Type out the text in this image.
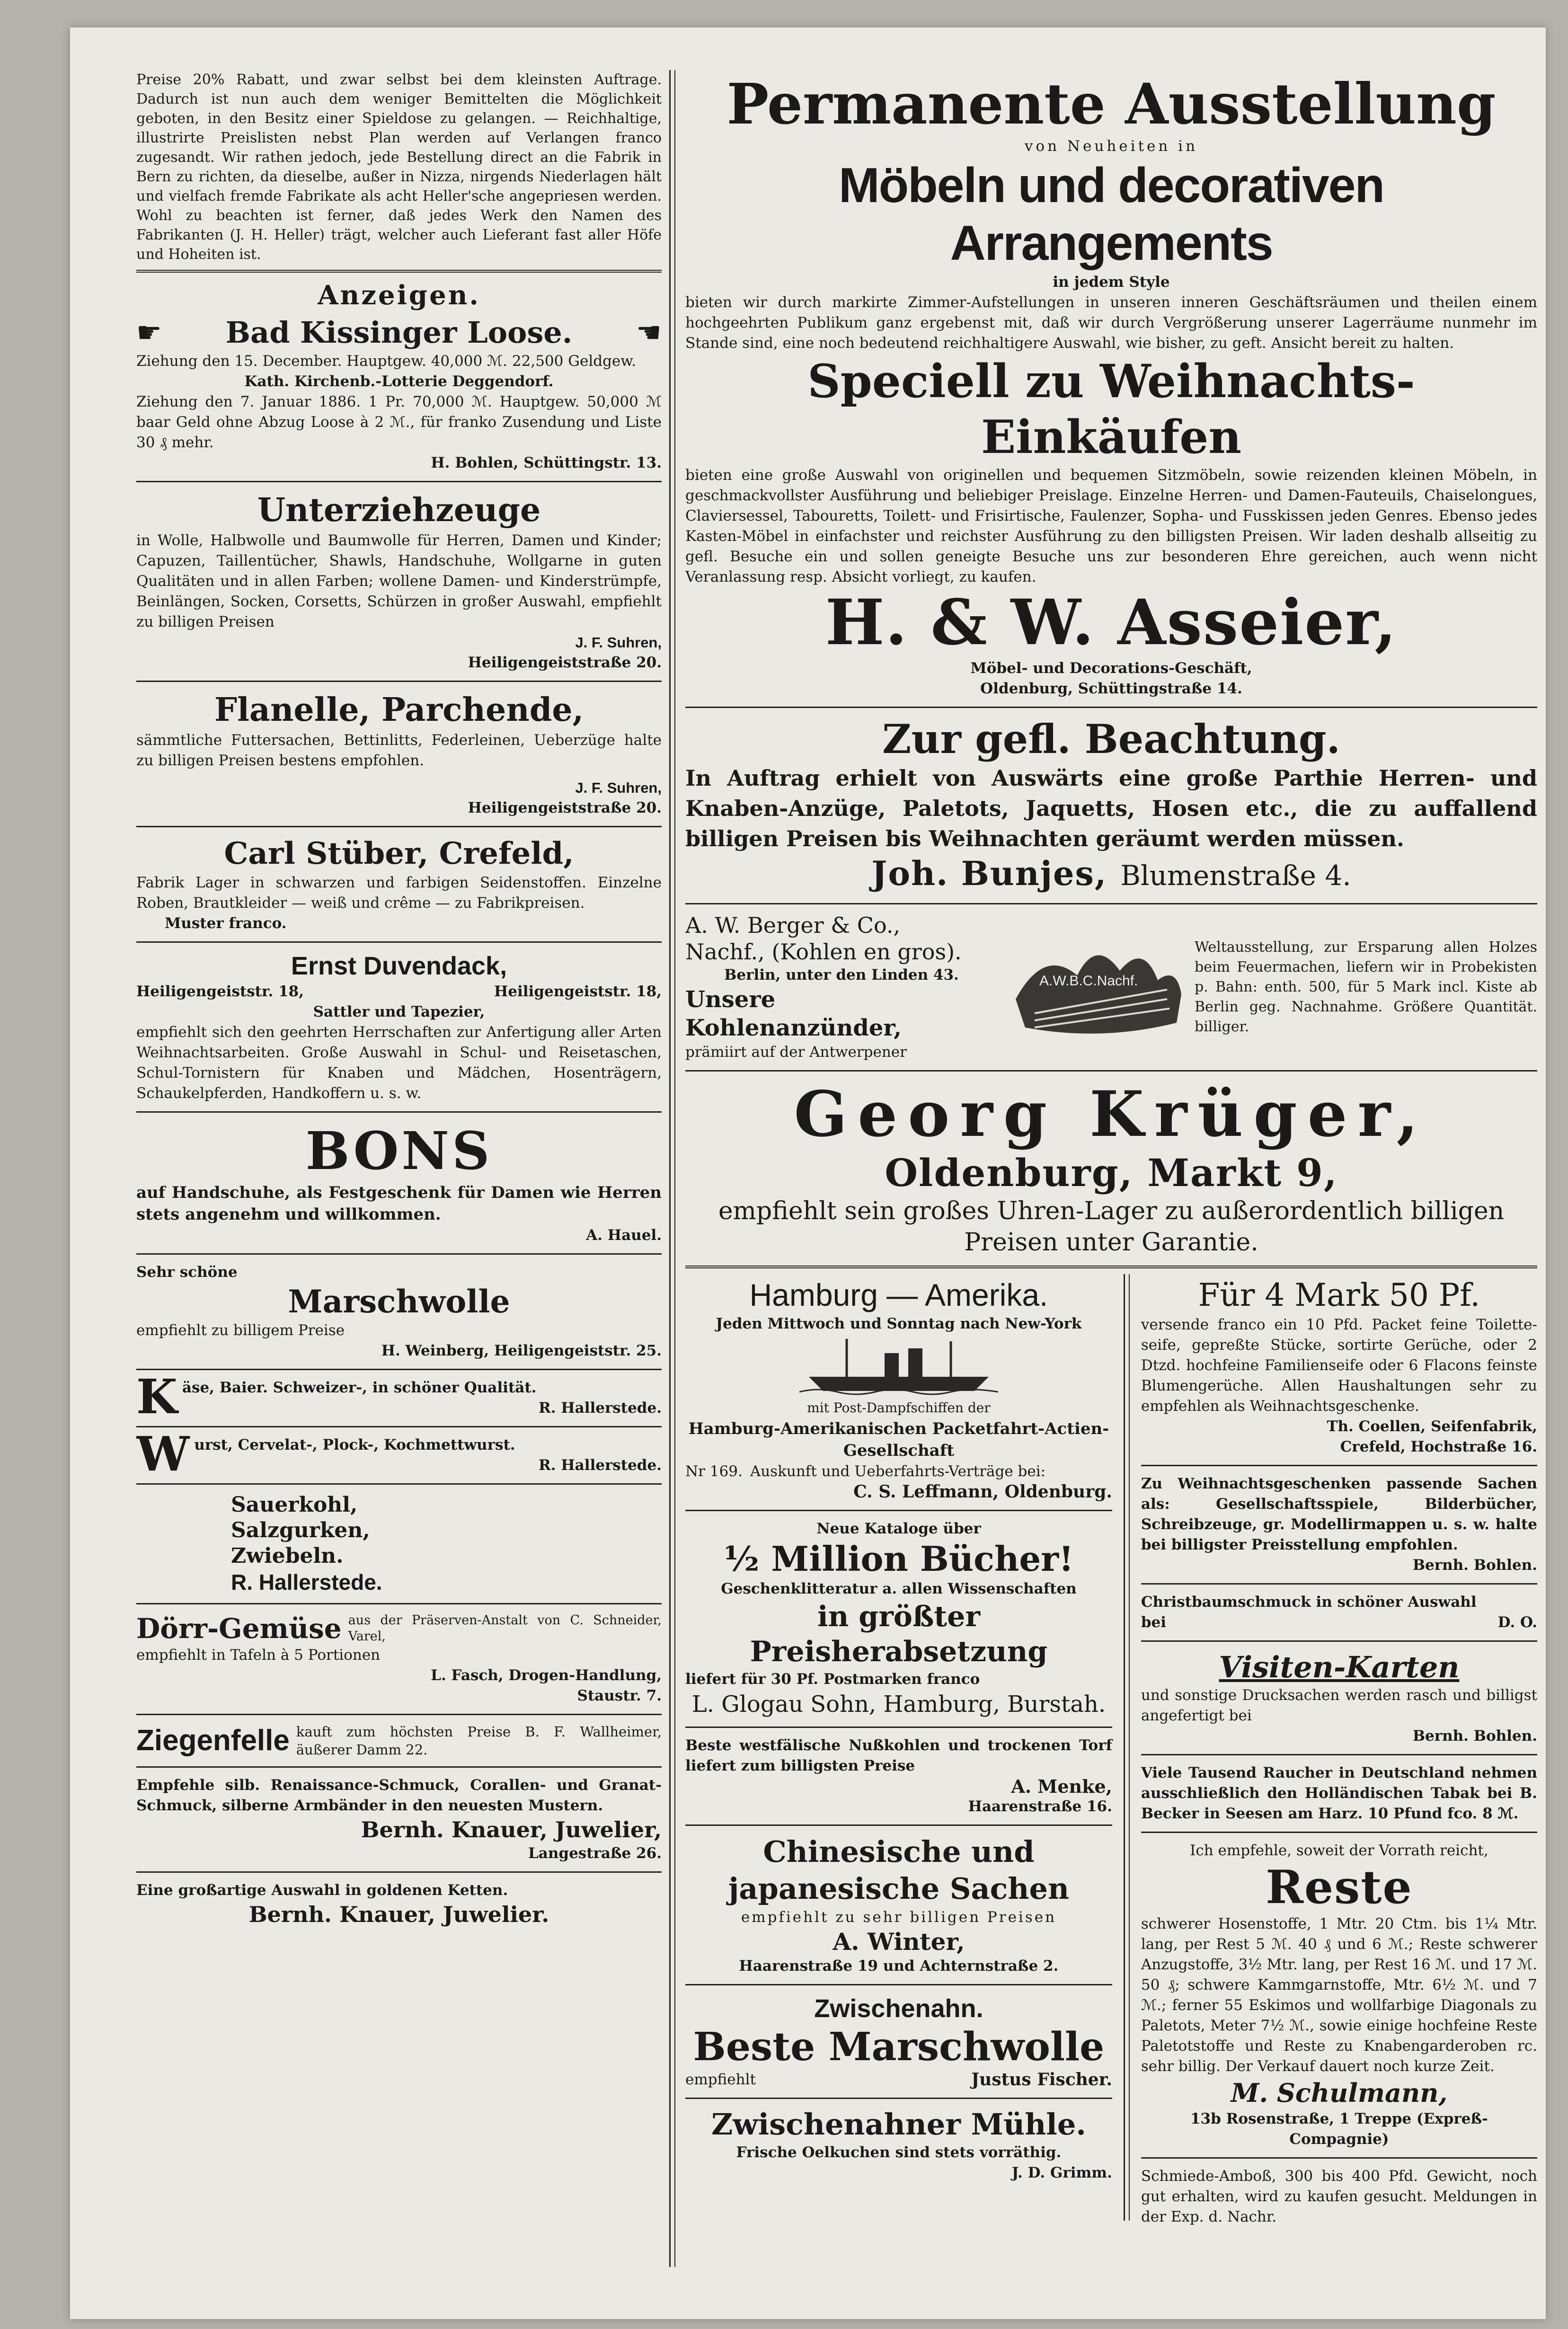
Preise 20% Rabatt, und zwar selbst bei dem kleinsten Auftrage. Dadurch ist nun auch dem weniger Bemittelten die Möglichkeit geboten, in den Besitz einer Spieldose zu gelangen. — Reichhaltige, illustrirte Preislisten nebst Plan werden auf Verlangen franco zugesandt. Wir rathen jedoch, jede Bestellung direct an die Fabrik in Bern zu richten, da dieselbe, außer in Nizza, nirgends Niederlagen hält und vielfach fremde Fabrikate als acht Heller'sche angepriesen werden. Wohl zu beachten ist ferner, daß jedes Werk den Namen des Fabrikanten (J. H. Heller) trägt, welcher auch Lieferant fast aller Höfe und Hoheiten ist.

Anzeigen.

☛ Bad Kissinger Loose. ☛

Ziehung den 15. December. Hauptgew. 40,000 ℳ. 22,500 Geldgew.

Kath. Kirchenb.-Lotterie Deggendorf.

Ziehung den 7. Januar 1886. 1 Pr. 70,000 ℳ. Hauptgew. 50,000 ℳ baar Geld ohne Abzug Loose à 2 ℳ., für franko Zusendung und Liste 30 ₰ mehr.

H. Bohlen, Schüttingstr. 13.

Unterziehzeuge

in Wolle, Halbwolle und Baumwolle für Herren, Damen und Kinder; Capuzen, Taillentücher, Shawls, Handschuhe, Wollgarne in guten Qualitäten und in allen Farben; wollene Damen- und Kinderstrümpfe, Beinlängen, Socken, Corsetts, Schürzen in großer Auswahl, empfiehlt zu billigen Preisen

J. F. Suhren,

Heiligengeiststraße 20.

Flanelle, Parchende,

sämmtliche Futtersachen, Bettinlitts, Federleinen, Ueberzüge halte zu billigen Preisen bestens empfohlen.

J. F. Suhren,

Heiligengeiststraße 20.

Carl Stüber, Crefeld,

Fabrik Lager in schwarzen und farbigen Seidenstoffen. Einzelne Roben, Brautkleider — weiß und crême — zu Fabrikpreisen.

Muster franco.

Ernst Duvendack,

Heiligengeiststr. 18,	Heiligengeiststr. 18,

Sattler und Tapezier,

empfiehlt sich den geehrten Herrschaften zur Anfertigung aller Arten Weihnachtsarbeiten. Große Auswahl in Schul- und Reisetaschen, Schul-Tornistern für Knaben und Mädchen, Hosenträgern, Schaukelpferden, Handkoffern u. s. w.

BONS

auf Handschuhe, als Festgeschenk für Damen wie Herren stets angenehm und willkommen.

A. Hauel.

Sehr schöne

Marschwolle

empfiehlt zu billigem Preise

H. Weinberg, Heiligengeiststr. 25.

K äse, Baier. Schweizer-, in schöner Qualität.

R. Hallerstede.

W urst, Cervelat-, Plock-, Kochmettwurst.

R. Hallerstede.

Sauerkohl,

Salzgurken,

Zwiebeln.

R. Hallerstede.

Dörr-Gemüse aus der Präserven-Anstalt von C. Schneider, Varel,

empfiehlt in Tafeln à 5 Portionen

L. Fasch, Drogen-Handlung,

Staustr. 7.

Ziegenfelle kauft zum höchsten Preise B. F. Wallheimer, äußerer Damm 22.

Empfehle silb. Renaissance-Schmuck, Corallen- und Granat-Schmuck, silberne Armbänder in den neuesten Mustern.

Bernh. Knauer, Juwelier,

Langestraße 26.

Eine großartige Auswahl in goldenen Ketten.

Bernh. Knauer, Juwelier.

Permanente Ausstellung

von Neuheiten in

Möbeln und decorativen Arrangements

in jedem Style

bieten wir durch markirte Zimmer-Aufstellungen in unseren inneren Geschäftsräumen und theilen einem hochgeehrten Publikum ganz ergebenst mit, daß wir durch Vergrößerung unserer Lagerräume nunmehr im Stande sind, eine noch bedeutend reichhaltigere Auswahl, wie bisher, zu geft. Ansicht bereit zu halten.

Speciell zu Weihnachts-Einkäufen

bieten eine große Auswahl von originellen und bequemen Sitzmöbeln, sowie reizenden kleinen Möbeln, in geschmackvollster Ausführung und beliebiger Preislage. Einzelne Herren- und Damen-Fauteuils, Chaiselongues, Claviersessel, Tabouretts, Toilett- und Frisirtische, Faulenzer, Sopha- und Fusskissen jeden Genres. Ebenso jedes Kasten-Möbel in einfachster und reichster Ausführung zu den billigsten Preisen. Wir laden deshalb allseitig zu gefl. Besuche ein und sollen geneigte Besuche uns zur besonderen Ehre gereichen, auch wenn nicht Veranlassung resp. Absicht vorliegt, zu kaufen.

H. & W. Asseier,

Möbel- und Decorations-Geschäft,

Oldenburg, Schüttingstraße 14.

Zur gefl. Beachtung.

In Auftrag erhielt von Auswärts eine große Parthie Herren- und Knaben-Anzüge, Paletots, Jaquetts, Hosen etc., die zu auffallend billigen Preisen bis Weihnachten geräumt werden müssen.

Joh. Bunjes, Blumenstraße 4.

A. W. Berger & Co.,

Nachf., (Kohlen en gros).

Berlin, unter den Linden 43.

Unsere Kohlenanzünder,

prämiirt auf der Antwerpener

A.W.B.C.Nachf.

Weltausstellung, zur Ersparung allen Holzes beim Feuermachen, liefern wir in Probekisten p. Bahn: enth. 500, für 5 Mark incl. Kiste ab Berlin geg. Nachnahme. Größere Quantität. billiger.

Georg Krüger,

Oldenburg, Markt 9,

empfiehlt sein großes Uhren-Lager zu außerordentlich billigen Preisen unter Garantie.

Hamburg — Amerika.

Jeden Mittwoch und Sonntag nach New-York

mit Post-Dampfschiffen der

Hamburg-Amerikanischen Packetfahrt-Actien-Gesellschaft

Nr 169. Auskunft und Ueberfahrts-Verträge bei:

C. S. Leffmann, Oldenburg.

Neue Kataloge über

½ Million Bücher!

Geschenklitteratur a. allen Wissenschaften

in größter Preisherabsetzung

liefert für 30 Pf. Postmarken franco

L. Glogau Sohn, Hamburg, Burstah.

Beste westfälische Nußkohlen und trockenen Torf liefert zum billigsten Preise

A. Menke,

Haarenstraße 16.

Chinesische und japanesische Sachen

empfiehlt zu sehr billigen Preisen

A. Winter,

Haarenstraße 19 und Achternstraße 2.

Zwischenahn.

Beste Marschwolle

empfiehlt	Justus Fischer.

Zwischenahner Mühle.

Frische Oelkuchen sind stets vorräthig.

J. D. Grimm.

Für 4 Mark 50 Pf.

versende franco ein 10 Pfd. Packet feine Toilette-seife, gepreßte Stücke, sortirte Gerüche, oder 2 Dtzd. hochfeine Familienseife oder 6 Flacons feinste Blumengerüche. Allen Haushaltungen sehr zu empfehlen als Weihnachtsgeschenke.

Th. Coellen, Seifenfabrik,

Crefeld, Hochstraße 16.

Zu Weihnachtsgeschenken passende Sachen als: Gesellschaftsspiele, Bilderbücher, Schreibzeuge, gr. Modellirmappen u. s. w. halte bei billigster Preisstellung empfohlen.

Bernh. Bohlen.

Christbaumschmuck in schöner Auswahl

bei	D. O.

Visiten-Karten

und sonstige Drucksachen werden rasch und billigst angefertigt bei

Bernh. Bohlen.

Viele Tausend Raucher in Deutschland nehmen ausschließlich den Holländischen Tabak bei B. Becker in Seesen am Harz. 10 Pfund fco. 8 ℳ.

Ich empfehle, soweit der Vorrath reicht,

Reste

schwerer Hosenstoffe, 1 Mtr. 20 Ctm. bis 1¼ Mtr. lang, per Rest 5 ℳ. 40 ₰ und 6 ℳ.; Reste schwerer Anzugstoffe, 3½ Mtr. lang, per Rest 16 ℳ. und 17 ℳ. 50 ₰; schwere Kammgarnstoffe, Mtr. 6½ ℳ. und 7 ℳ.; ferner 55 Eskimos und wollfarbige Diagonals zu Paletots, Meter 7½ ℳ., sowie einige hochfeine Reste Paletotstoffe und Reste zu Knabengarderoben rc. sehr billig. Der Verkauf dauert noch kurze Zeit.

M. Schulmann,

13b Rosenstraße, 1 Treppe (Expreß-Compagnie)

Schmiede-Amboß, 300 bis 400 Pfd. Gewicht, noch gut erhalten, wird zu kaufen gesucht. Meldungen in der Exp. d. Nachr.
